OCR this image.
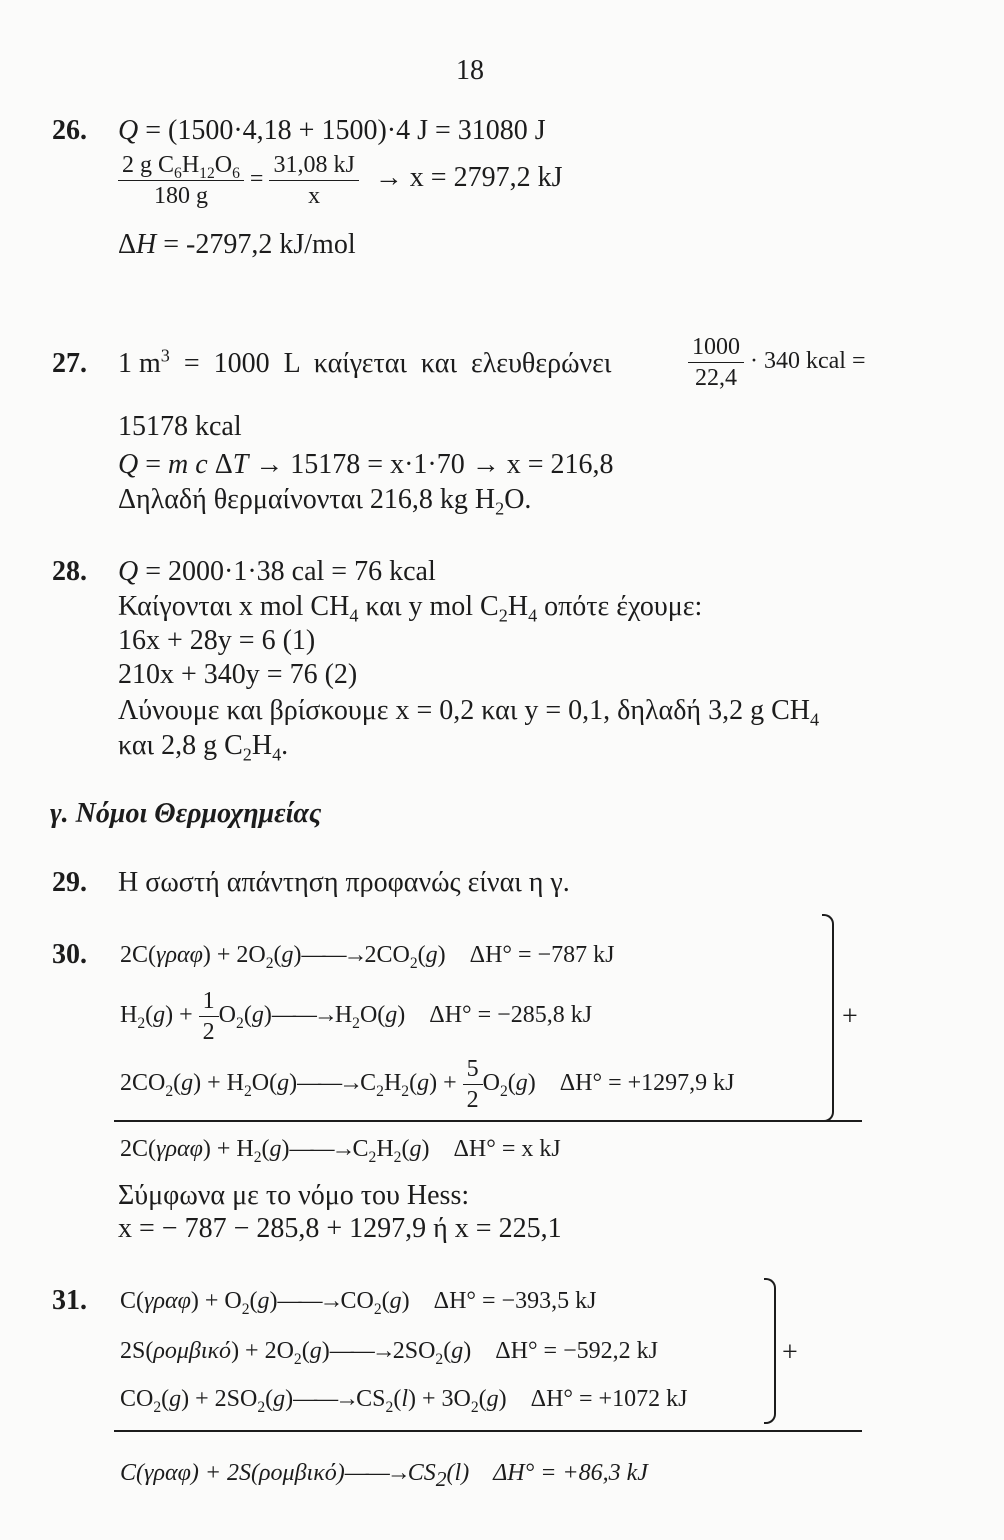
18
26. Q = (1500·4,18 + 1500)·4 J = 31080 J
$\frac{2 g C_6H_{12}O_6}{180 g} = \frac{31,08 kJ}{x} \to x = 2797,2$ kJ
ΔH = -2797,2 kJ/mol
27. 1 $m^3 = 1000$  L  καίγεται  και  ελευθερώνει	$\frac{1000}{22,4} \cdot 340$ kcal =
15178 kcal
Q = m c ΔT → 15178 = x·1·70 → x = 216,8
Δηλαδή θερμαίνονται 216,8 kg $H_2O$.
28. Q = 2000·1·38 cal = 76 kcal
Καίγονται x mol $CH_4$ και y mol $C_2H_4$ οπότε έχουμε:
16x + 28y = 6 (1)
210x + 340y = 76 (2)
Λύνουμε και βρίσκουμε x = 0,2 και y = 0,1, δηλαδή 3,2 g $CH_4$
και 2,8 g $C_2H_4$.
γ. Νόμοι Θερμοχημείας
29. Η σωστή απάντηση προφανώς είναι η γ.
30. $2C(\gamma\rho\alpha\varphi) + 2O_2(g)——\to 2CO_2(g)$    ΔH° = −787 kJ
$H_2(g) + \frac{1}{2}$ $O_2(g)——\to H_2O(g)$    ΔH° = −285,8 kJ
$2CO_2(g)$ + $H_2O(g)——\to C_2H_2(g) + \frac{5}{2} O_2(g)$    ΔH° = +1297,9 kJ
+
$2C(\gamma\rho\alpha\varphi) + H_2(g)——\to C_2H_2(g)$    ΔH° = x kJ
Σύμφωνα με το νόμο του Hess:
x = − 787 − 285,8 + 1297,9 ή x = 225,1
31. $C(\gamma\rho\alpha\varphi) + O_2(g)——\to CO_2(g)$    ΔH° = −393,5 kJ
$2S(\rho o\mu\beta\iota\kappa ό) + 2O_2(g)——\to 2SO_2(g)$    ΔH° = −592,2 kJ
$CO_2(g)$ + $2SO_2(g)——\to CS_2(l) + 3O_2(g)$    ΔH° = +1072 kJ
+
$C(\gamma\rho\alpha\varphi) + 2S(\rho o\mu\beta\iota\kappa ό)——\to CS_2(l)$    ΔH° = +86,3 kJ
